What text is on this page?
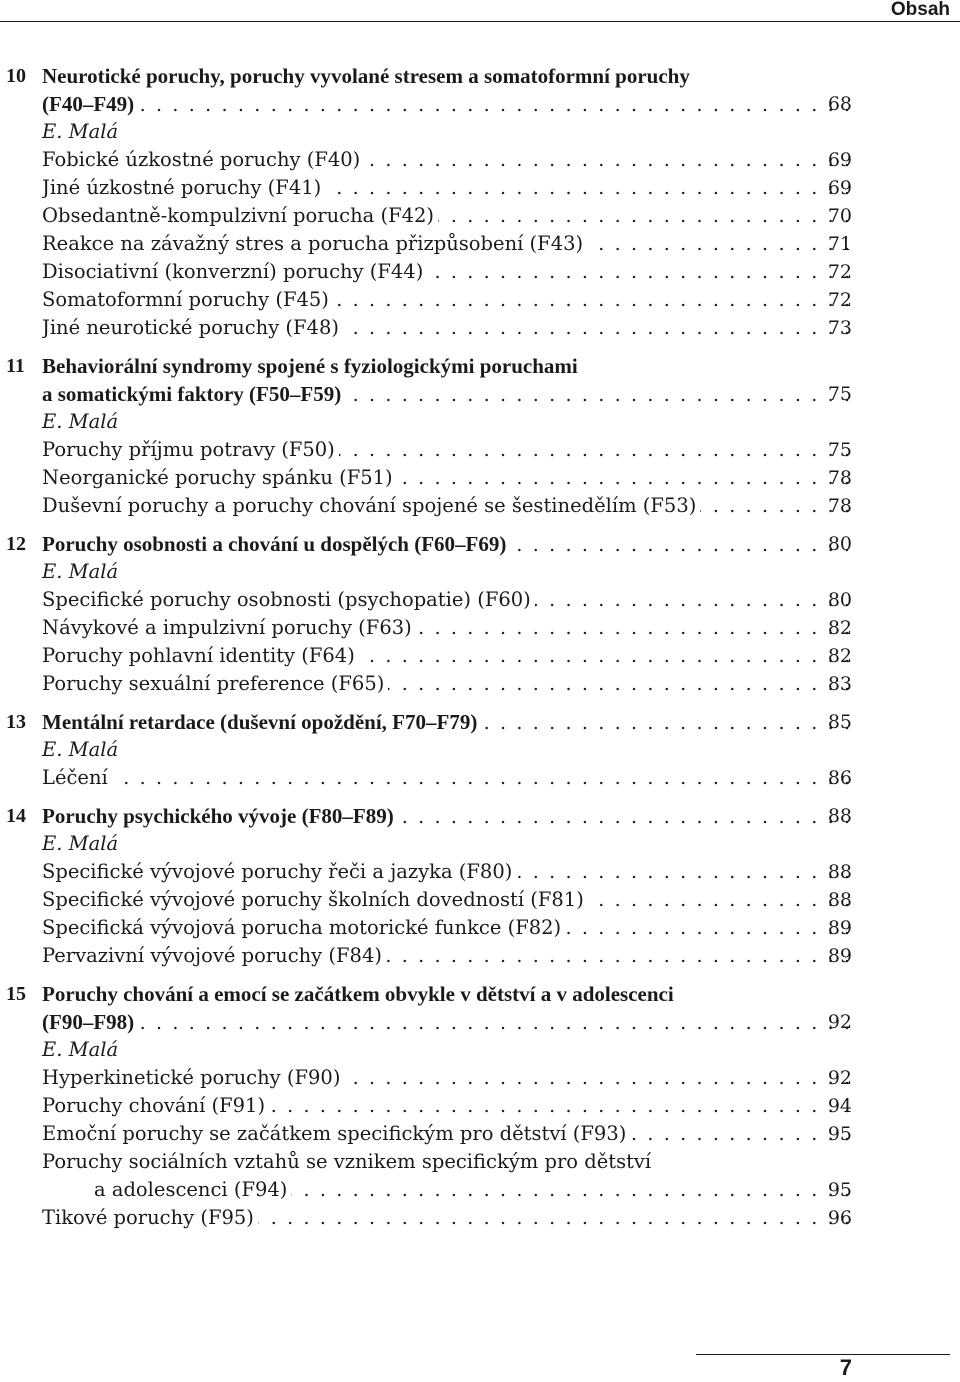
Obsah
10 Neurotické poruchy, poruchy vyvolané stresem a somatoformní poruchy
(F40–F49) . . .	68
E. Malá
Fobické úzkostné poruchy (F40) . . .	69
Jiné úzkostné poruchy (F41) . . .	69
Obsedantně-kompulzivní porucha (F42) . . .	70
Reakce na závažný stres a porucha přizpůsobení (F43) . . .	71
Disociativní (konverzní) poruchy (F44) . . .	72
Somatoformní poruchy (F45) . . .	72
Jiné neurotické poruchy (F48) . . .	73
11 Behaviorální syndromy spojené s fyziologickými poruchami
a somatickými faktory (F50–F59) . . .	75
E. Malá
Poruchy příjmu potravy (F50) . . .	75
Neorganické poruchy spánku (F51) . . .	78
Duševní poruchy a poruchy chování spojené se šestinedělím (F53) . . .	78
12 Poruchy osobnosti a chování u dospělých (F60–F69) . . .	80
E. Malá
Specifické poruchy osobnosti (psychopatie) (F60) . . .	80
Návykové a impulzivní poruchy (F63) . . .	82
Poruchy pohlavní identity (F64) . . .	82
Poruchy sexuální preference (F65) . . .	83
13 Mentální retardace (duševní opoždění, F70–F79) . . .	85
E. Malá
Léčení . . .	86
14 Poruchy psychického vývoje (F80–F89) . . .	88
E. Malá
Specifické vývojové poruchy řeči a jazyka (F80) . . .	88
Specifické vývojové poruchy školních dovedností (F81) . . .	88
Specifická vývojová porucha motorické funkce (F82) . . .	89
Pervazivní vývojové poruchy (F84) . . .	89
15 Poruchy chování a emocí se začátkem obvykle v dětství a v adolescenci
(F90–F98) . . .	92
E. Malá
Hyperkinetické poruchy (F90) . . .	92
Poruchy chování (F91) . . .	94
Emoční poruchy se začátkem specifickým pro dětství (F93) . . .	95
Poruchy sociálních vztahů se vznikem specifickým pro dětství
a adolescenci (F94) . . .	95
Tikové poruchy (F95) . . .	96
7
